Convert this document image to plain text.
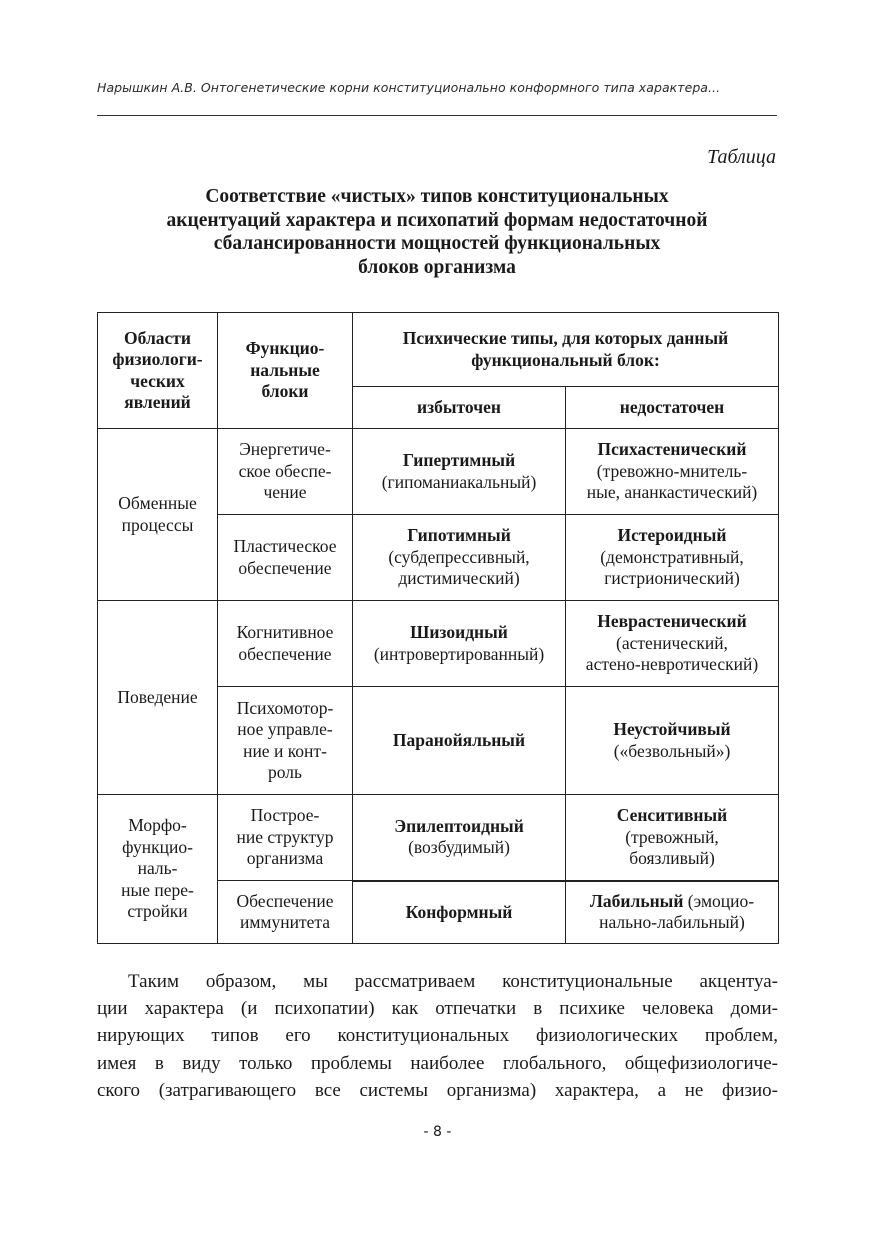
Нарышкин А.В. Онтогенетические корни конституционально конформного типа характера...
Таблица
Соответствие «чистых» типов конституциональных
акцентуаций характера и психопатий формам недостаточной
сбалансированности мощностей функциональных
блоков организма
Области
физиологи-
ческих
явлений	Функцио-
нальные
блоки	Психические типы, для которых данный
функциональный блок:	

		избыточен	недостаточен

Обменные
процессы	Энергетиче-
ское обеспе-
чение	Гипертимный
(гипоманиакальный)	Психастенический
(тревожно-мнитель-
ные, ананкастический)

	Пластическое
обеспечение	Гипотимный
(субдепрессивный,
дистимический)	Истероидный
(демонстративный,
гистрионический)

Поведение	Когнитивное
обеспечение	Шизоидный
(интровертированный)	Неврастенический
(астенический,
астено-невротический)

	Психомотор-
ное управле-
ние и конт-
роль	Паранойяльный	Неустойчивый
(«безвольный»)

Морфо-
функцио-
наль-
ные пере-
стройки	Построе-
ние структур
организма	Эпилептоидный
(возбудимый)	Сенситивный
(тревожный,
боязливый)

	Обеспечение
иммунитета	Конформный	Лабильный (эмоцио-
нально-лабильный)
Таким образом, мы рассматриваем конституциональные акцентуа-
ции характера (и психопатии) как отпечатки в психике человека доми-
нирующих типов его конституциональных физиологических проблем,
имея в виду только проблемы наиболее глобального, общефизиологиче-
ского (затрагивающего все системы организма) характера, а не физио-
- 8 -
